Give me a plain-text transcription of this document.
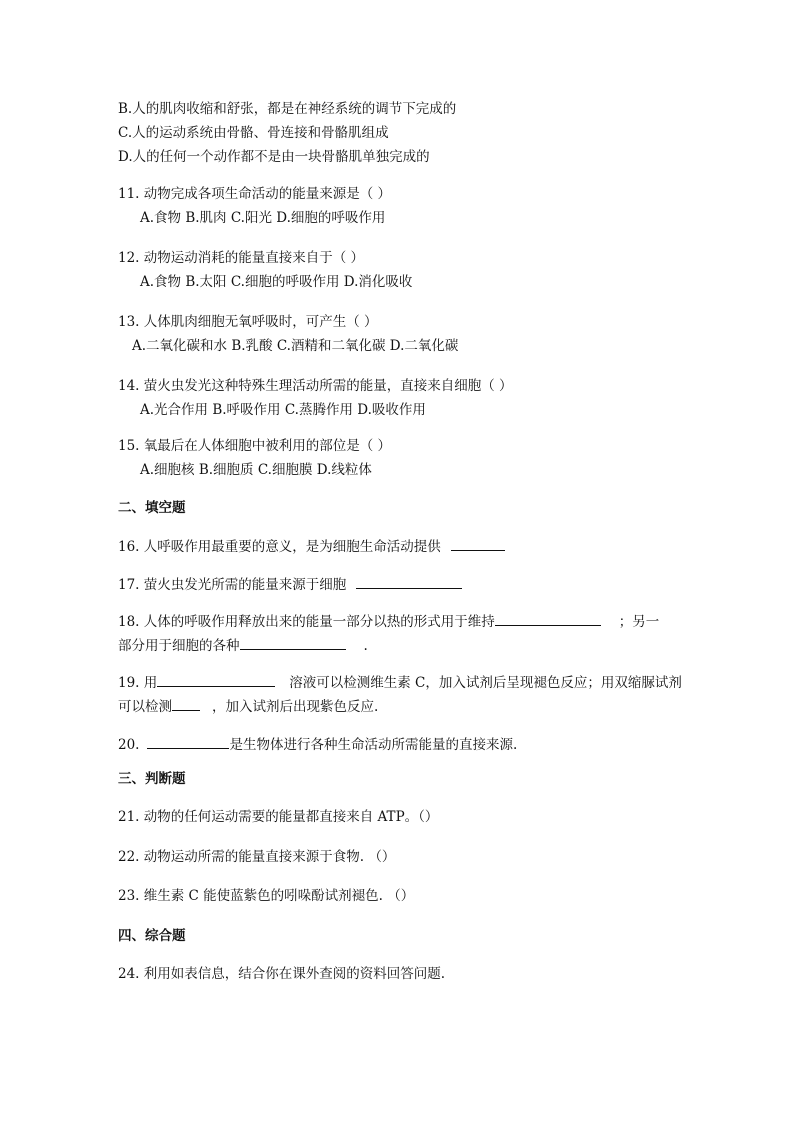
B.人的肌肉收缩和舒张，都是在神经系统的调节下完成的
C.人的运动系统由骨骼、骨连接和骨骼肌组成
D.人的任何一个动作都不是由一块骨骼肌单独完成的
11. 动物完成各项生命活动的能量来源是（ ）
A.食物 B.肌肉 C.阳光 D.细胞的呼吸作用
12. 动物运动消耗的能量直接来自于（ ）
A.食物 B.太阳 C.细胞的呼吸作用 D.消化吸收
13. 人体肌肉细胞无氧呼吸时，可产生（ ）
A.二氧化碳和水 B.乳酸 C.酒精和二氧化碳 D.二氧化碳
14. 萤火虫发光这种特殊生理活动所需的能量，直接来自细胞（ ）
A.光合作用 B.呼吸作用 C.蒸腾作用 D.吸收作用
15. 氧最后在人体细胞中被利用的部位是（ ）
A.细胞核 B.细胞质 C.细胞膜 D.线粒体
二、填空题
16. 人呼吸作用最重要的意义，是为细胞生命活动提供
17. 萤火虫发光所需的能量来源于细胞
18. 人体的呼吸作用释放出来的能量一部分以热的形式用于维持	；另一
部分用于细胞的各种	.
19. 用	溶液可以检测维生素 C，加入试剂后呈现褪色反应；用双缩脲试剂
可以检测	，加入试剂后出现紫色反应.
20.	是生物体进行各种生命活动所需能量的直接来源.
三、判断题
21. 动物的任何运动需要的能量都直接来自 ATP。（）
22. 动物运动所需的能量直接来源于食物. （）
23. 维生素 C 能使蓝紫色的吲哚酚试剂褪色. （）
四、综合题
24. 利用如表信息，结合你在课外查阅的资料回答问题.
